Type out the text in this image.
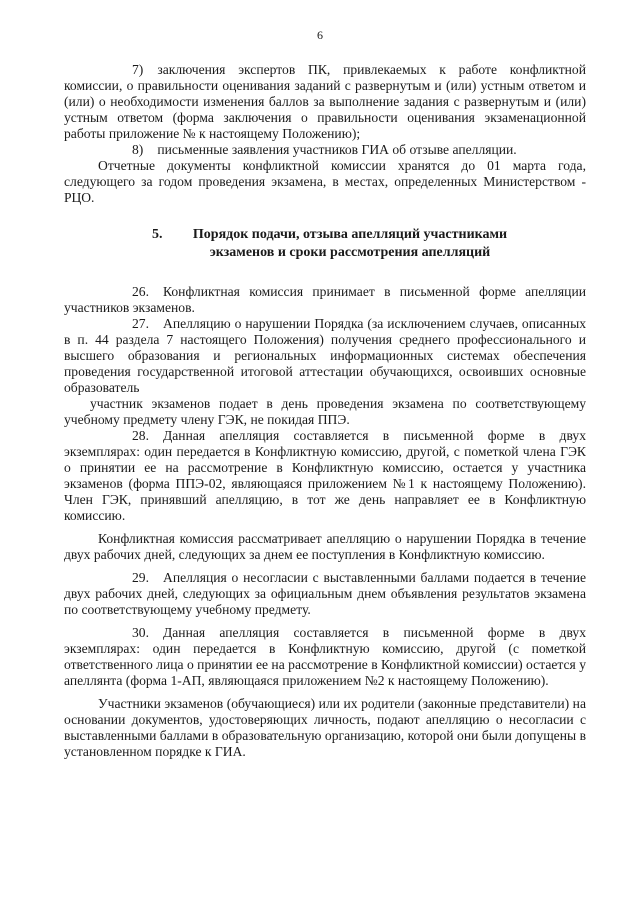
6

7) заключения экспертов ПК, привлекаемых к работе конфликтной комиссии, о правильности оценивания заданий с развернутым и (или) устным ответом и (или) о необходимости изменения баллов за выполнение задания с развернутым и (или) устным ответом (форма заключения о правильности оценивания экзаменационной работы приложение № к настоящему Положению);

8) письменные заявления участников ГИА об отзыве апелляции.

Отчетные документы конфликтной комиссии хранятся до 01 марта года, следующего за годом проведения экзамена, в местах, определенных Министерством - РЦО.

5.	Порядок подачи, отзыва апелляций участниками
экзаменов и сроки рассмотрения апелляций

26. Конфликтная комиссия принимает в письменной форме апелляции участников экзаменов.

27. Апелляцию о нарушении Порядка (за исключением случаев, описанных в п. 44 раздела 7 настоящего Положения) получения среднего профессионального и высшего образования и региональных информационных системах обеспечения проведения государственной итоговой аттестации обучающихся, освоивших основные образователь

участник экзаменов подает в день проведения экзамена по соответствующему учебному предмету члену ГЭК, не покидая ППЭ.

28. Данная апелляция составляется в письменной форме в двух экземплярах: один передается в Конфликтную комиссию, другой, с пометкой члена ГЭК о принятии ее на рассмотрение в Конфликтную комиссию, остается у участника экзаменов (форма ППЭ-02, являющаяся приложением №1 к настоящему Положению). Член ГЭК, принявший апелляцию, в тот же день направляет ее в Конфликтную комиссию.

Конфликтная комиссия рассматривает апелляцию о нарушении Порядка в течение двух рабочих дней, следующих за днем ее поступления в Конфликтную комиссию.

29. Апелляция о несогласии с выставленными баллами подается в течение двух рабочих дней, следующих за официальным днем объявления результатов экзамена по соответствующему учебному предмету.

30. Данная апелляция составляется в письменной форме в двух экземплярах: один передается в Конфликтную комиссию, другой (с пометкой ответственного лица о принятии ее на рассмотрение в Конфликтной комиссии) остается у апеллянта (форма 1-АП, являющаяся приложением №2 к настоящему Положению).

Участники экзаменов (обучающиеся) или их родители (законные представители) на основании документов, удостоверяющих личность, подают апелляцию о несогласии с выставленными баллами в образовательную организацию, которой они были допущены в установленном порядке к ГИА.
